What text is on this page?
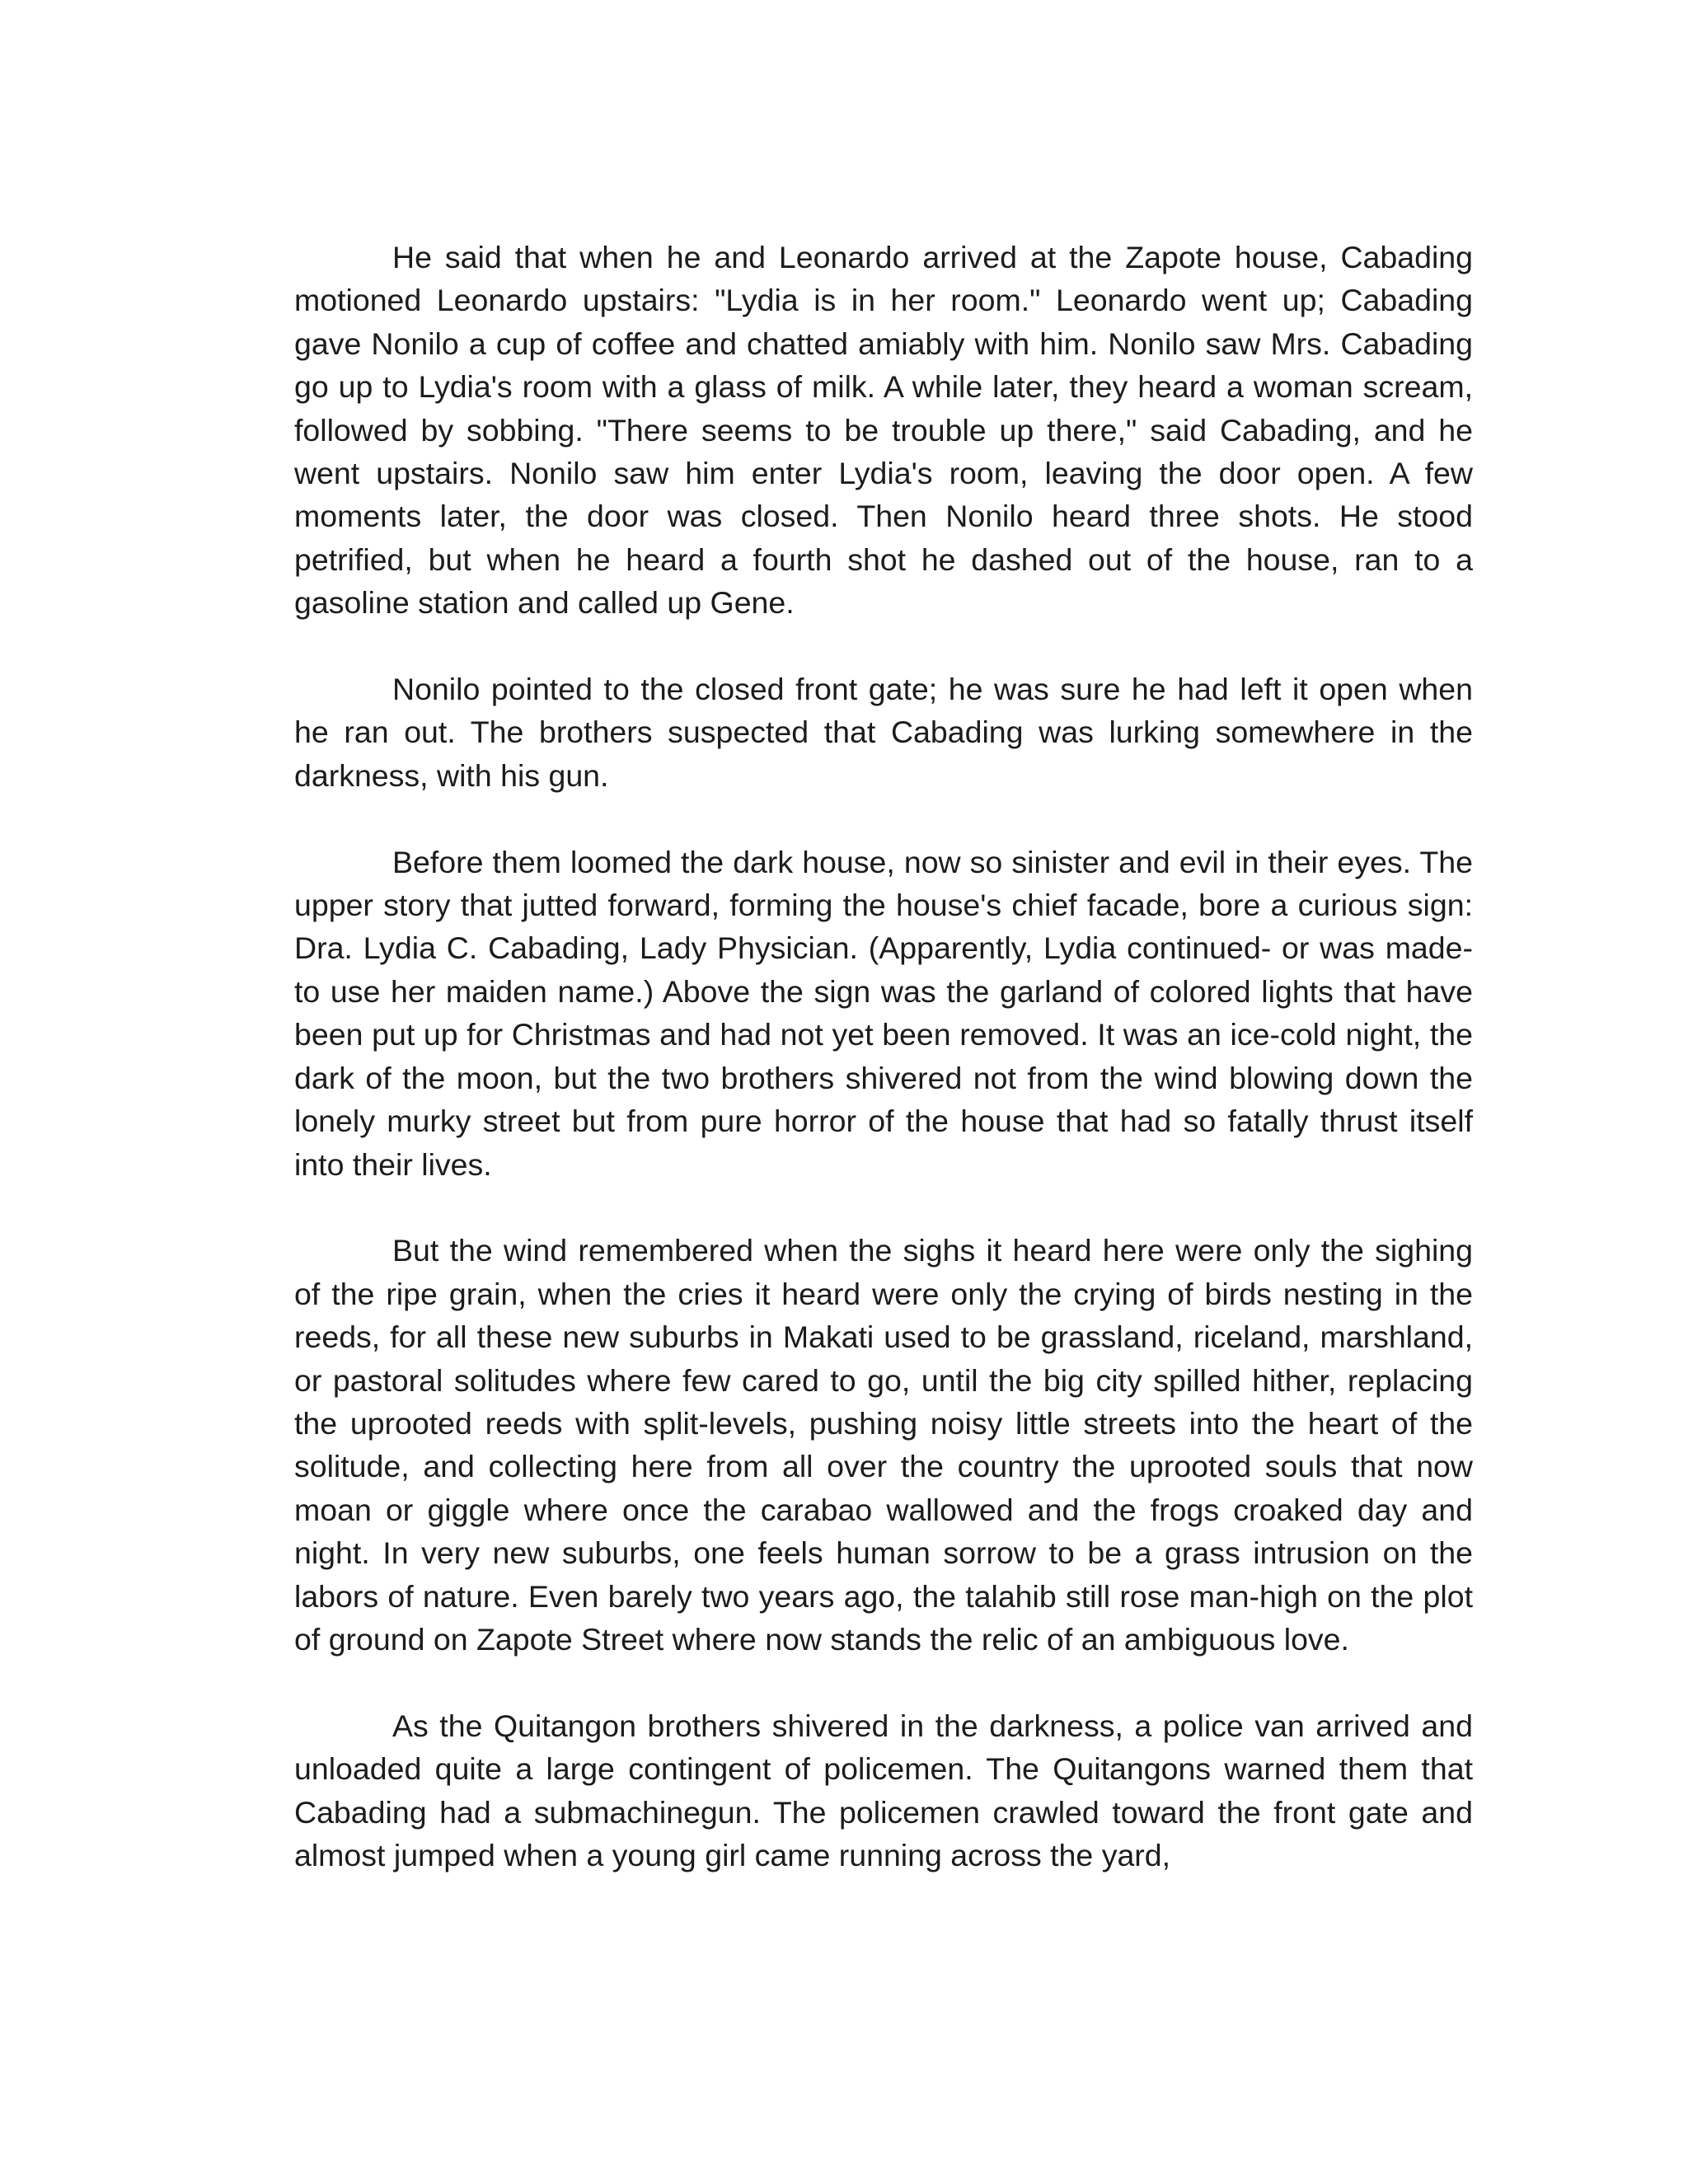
He said that when he and Leonardo arrived at the Zapote house, Cabading motioned Leonardo upstairs: "Lydia is in her room." Leonardo went up; Cabading gave Nonilo a cup of coffee and chatted amiably with him. Nonilo saw Mrs. Cabading go up to Lydia's room with a glass of milk. A while later, they heard a woman scream, followed by sobbing. "There seems to be trouble up there," said Cabading, and he went upstairs. Nonilo saw him enter Lydia's room, leaving the door open. A few moments later, the door was closed. Then Nonilo heard three shots. He stood petrified, but when he heard a fourth shot he dashed out of the house, ran to a gasoline station and called up Gene.

Nonilo pointed to the closed front gate; he was sure he had left it open when he ran out. The brothers suspected that Cabading was lurking somewhere in the darkness, with his gun.

Before them loomed the dark house, now so sinister and evil in their eyes. The upper story that jutted forward, forming the house's chief facade, bore a curious sign: Dra. Lydia C. Cabading, Lady Physician. (Apparently, Lydia continued- or was made- to use her maiden name.) Above the sign was the garland of colored lights that have been put up for Christmas and had not yet been removed. It was an ice-cold night, the dark of the moon, but the two brothers shivered not from the wind blowing down the lonely murky street but from pure horror of the house that had so fatally thrust itself into their lives.

But the wind remembered when the sighs it heard here were only the sighing of the ripe grain, when the cries it heard were only the crying of birds nesting in the reeds, for all these new suburbs in Makati used to be grassland, riceland, marshland, or pastoral solitudes where few cared to go, until the big city spilled hither, replacing the uprooted reeds with split-levels, pushing noisy little streets into the heart of the solitude, and collecting here from all over the country the uprooted souls that now moan or giggle where once the carabao wallowed and the frogs croaked day and night. In very new suburbs, one feels human sorrow to be a grass intrusion on the labors of nature. Even barely two years ago, the talahib still rose man-high on the plot of ground on Zapote Street where now stands the relic of an ambiguous love.

As the Quitangon brothers shivered in the darkness, a police van arrived and unloaded quite a large contingent of policemen. The Quitangons warned them that Cabading had a submachinegun. The policemen crawled toward the front gate and almost jumped when a young girl came running across the yard,
